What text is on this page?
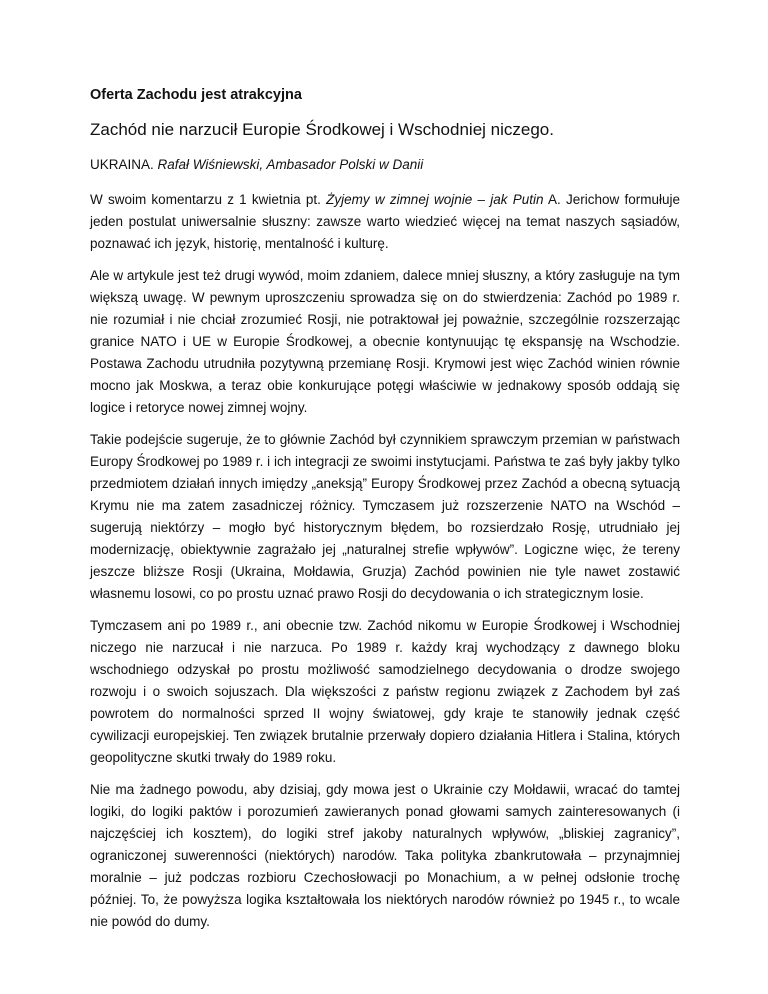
Oferta Zachodu jest atrakcyjna
Zachód nie narzucił Europie Środkowej i Wschodniej niczego.
UKRAINA. Rafał Wiśniewski, Ambasador Polski w Danii
W swoim komentarzu z 1 kwietnia pt. Żyjemy w zimnej wojnie – jak Putin A. Jerichow formułuje jeden postulat uniwersalnie słuszny: zawsze warto wiedzieć więcej na temat naszych sąsiadów, poznawać ich język, historię, mentalność i kulturę.
Ale w artykule jest też drugi wywód, moim zdaniem, dalece mniej słuszny, a który zasługuje na tym większą uwagę. W pewnym uproszczeniu sprowadza się on do stwierdzenia: Zachód po 1989 r. nie rozumiał i nie chciał zrozumieć Rosji, nie potraktował jej poważnie, szczególnie rozszerzając granice NATO i UE w Europie Środkowej, a obecnie kontynuując tę ekspansję na Wschodzie. Postawa Zachodu utrudniła pozytywną przemianę Rosji. Krymowi jest więc Zachód winien równie mocno jak Moskwa, a teraz obie konkurujące potęgi właściwie w jednakowy sposób oddają się logice i retoryce nowej zimnej wojny.
Takie podejście sugeruje, że to głównie Zachód był czynnikiem sprawczym przemian w państwach Europy Środkowej po 1989 r. i ich integracji ze swoimi instytucjami. Państwa te zaś były jakby tylko przedmiotem działań innych imiędzy „aneksją” Europy Środkowej przez Zachód a obecną sytuacją Krymu nie ma zatem zasadniczej różnicy. Tymczasem już rozszerzenie NATO na Wschód – sugerują niektórzy – mogło być historycznym błędem, bo rozsierdzało Rosję, utrudniało jej modernizację, obiektywnie zagrażało jej „naturalnej strefie wpływów”. Logiczne więc, że tereny jeszcze bliższe Rosji (Ukraina, Mołdawia, Gruzja) Zachód powinien nie tyle nawet zostawić własnemu losowi, co po prostu uznać prawo Rosji do decydowania o ich strategicznym losie.
Tymczasem ani po 1989 r., ani obecnie tzw. Zachód nikomu w Europie Środkowej i Wschodniej niczego nie narzucał i nie narzuca. Po 1989 r. każdy kraj wychodzący z dawnego bloku wschodniego odzyskał po prostu możliwość samodzielnego decydowania o drodze swojego rozwoju i o swoich sojuszach. Dla większości z państw regionu związek z Zachodem był zaś powrotem do normalności sprzed II wojny światowej, gdy kraje te stanowiły jednak część cywilizacji europejskiej. Ten związek brutalnie przerwały dopiero działania Hitlera i Stalina, których geopolityczne skutki trwały do 1989 roku.
Nie ma żadnego powodu, aby dzisiaj, gdy mowa jest o Ukrainie czy Mołdawii, wracać do tamtej logiki, do logiki paktów i porozumień zawieranych ponad głowami samych zainteresowanych (i najczęściej ich kosztem), do logiki stref jakoby naturalnych wpływów, „bliskiej zagranicy”, ograniczonej suwerenności (niektórych) narodów. Taka polityka zbankrutowała – przynajmniej moralnie – już podczas rozbioru Czechosłowacji po Monachium, a w pełnej odsłonie trochę później. To, że powyższa logika kształtowała los niektórych narodów również po 1945 r., to wcale nie powód do dumy.
